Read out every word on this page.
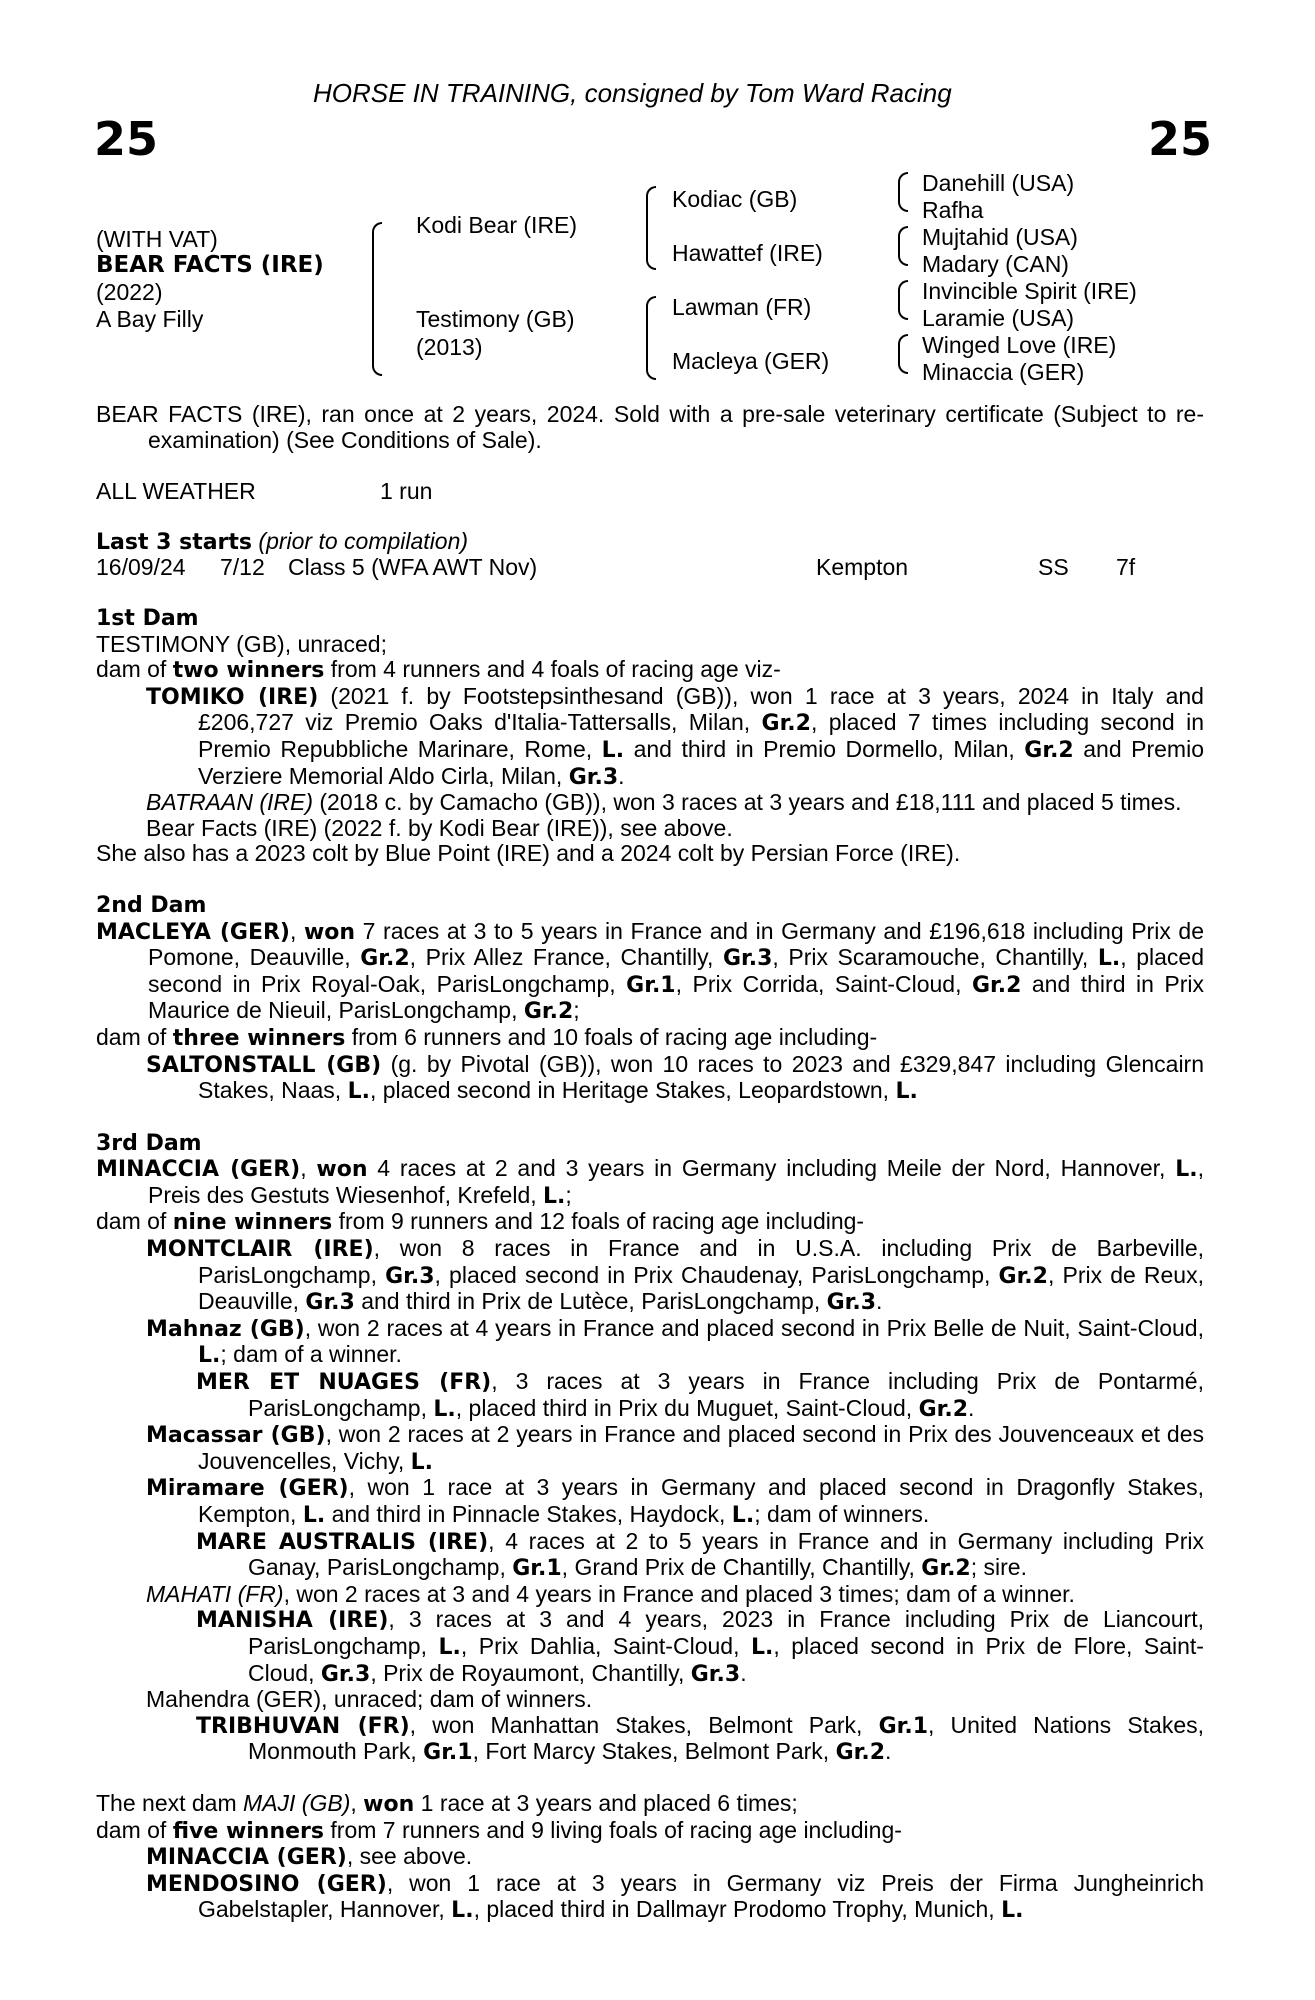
HORSE IN TRAINING, consigned by Tom Ward Racing
25	25
(WITH VAT)
BEAR FACTS (IRE)
(2022)
A Bay Filly
Kodi Bear (IRE)
Testimony (GB)
(2013)
Kodiac (GB)
Hawattef (IRE)
Lawman (FR)
Macleya (GER)
Danehill (USA)
Rafha
Mujtahid (USA)
Madary (CAN)
Invincible Spirit (IRE)
Laramie (USA)
Winged Love (IRE)
Minaccia (GER)

BEAR FACTS (IRE), ran once at 2 years, 2024. Sold with a pre-sale veterinary certificate (Subject to re-examination) (See Conditions of Sale).

ALL WEATHER	1 run
Last 3 starts (prior to compilation)
16/09/24 7/12 Class 5 (WFA AWT Nov)	Kempton	SS 7f

1st Dam

TESTIMONY (GB), unraced;

dam of two winners from 4 runners and 4 foals of racing age viz-

TOMIKO (IRE) (2021 f. by Footstepsinthesand (GB)), won 1 race at 3 years, 2024 in Italy and £206,727 viz Premio Oaks d'Italia-Tattersalls, Milan, Gr.2, placed 7 times including second in Premio Repubbliche Marinare, Rome, L. and third in Premio Dormello, Milan, Gr.2 and Premio Verziere Memorial Aldo Cirla, Milan, Gr.3.

BATRAAN (IRE) (2018 c. by Camacho (GB)), won 3 races at 3 years and £18,111 and placed 5 times.

Bear Facts (IRE) (2022 f. by Kodi Bear (IRE)), see above.

She also has a 2023 colt by Blue Point (IRE) and a 2024 colt by Persian Force (IRE).

2nd Dam

MACLEYA (GER), won 7 races at 3 to 5 years in France and in Germany and £196,618 including Prix de Pomone, Deauville, Gr.2, Prix Allez France, Chantilly, Gr.3, Prix Scaramouche, Chantilly, L., placed second in Prix Royal-Oak, ParisLongchamp, Gr.1, Prix Corrida, Saint-Cloud, Gr.2 and third in Prix Maurice de Nieuil, ParisLongchamp, Gr.2;

dam of three winners from 6 runners and 10 foals of racing age including-

SALTONSTALL (GB) (g. by Pivotal (GB)), won 10 races to 2023 and £329,847 including Glencairn Stakes, Naas, L., placed second in Heritage Stakes, Leopardstown, L.

3rd Dam

MINACCIA (GER), won 4 races at 2 and 3 years in Germany including Meile der Nord, Hannover, L., Preis des Gestuts Wiesenhof, Krefeld, L.;

dam of nine winners from 9 runners and 12 foals of racing age including-

MONTCLAIR (IRE), won 8 races in France and in U.S.A. including Prix de Barbeville, ParisLongchamp, Gr.3, placed second in Prix Chaudenay, ParisLongchamp, Gr.2, Prix de Reux, Deauville, Gr.3 and third in Prix de Lutèce, ParisLongchamp, Gr.3.

Mahnaz (GB), won 2 races at 4 years in France and placed second in Prix Belle de Nuit, Saint-Cloud, L.; dam of a winner.

MER ET NUAGES (FR), 3 races at 3 years in France including Prix de Pontarmé, ParisLongchamp, L., placed third in Prix du Muguet, Saint-Cloud, Gr.2.

Macassar (GB), won 2 races at 2 years in France and placed second in Prix des Jouvenceaux et des Jouvencelles, Vichy, L.

Miramare (GER), won 1 race at 3 years in Germany and placed second in Dragonfly Stakes, Kempton, L. and third in Pinnacle Stakes, Haydock, L.; dam of winners.

MARE AUSTRALIS (IRE), 4 races at 2 to 5 years in France and in Germany including Prix Ganay, ParisLongchamp, Gr.1, Grand Prix de Chantilly, Chantilly, Gr.2; sire.

MAHATI (FR), won 2 races at 3 and 4 years in France and placed 3 times; dam of a winner.

MANISHA (IRE), 3 races at 3 and 4 years, 2023 in France including Prix de Liancourt, ParisLongchamp, L., Prix Dahlia, Saint-Cloud, L., placed second in Prix de Flore, Saint-Cloud, Gr.3, Prix de Royaumont, Chantilly, Gr.3.

Mahendra (GER), unraced; dam of winners.

TRIBHUVAN (FR), won Manhattan Stakes, Belmont Park, Gr.1, United Nations Stakes, Monmouth Park, Gr.1, Fort Marcy Stakes, Belmont Park, Gr.2.

The next dam MAJI (GB), won 1 race at 3 years and placed 6 times;

dam of five winners from 7 runners and 9 living foals of racing age including-

MINACCIA (GER), see above.

MENDOSINO (GER), won 1 race at 3 years in Germany viz Preis der Firma Jungheinrich Gabelstapler, Hannover, L., placed third in Dallmayr Prodomo Trophy, Munich, L.
